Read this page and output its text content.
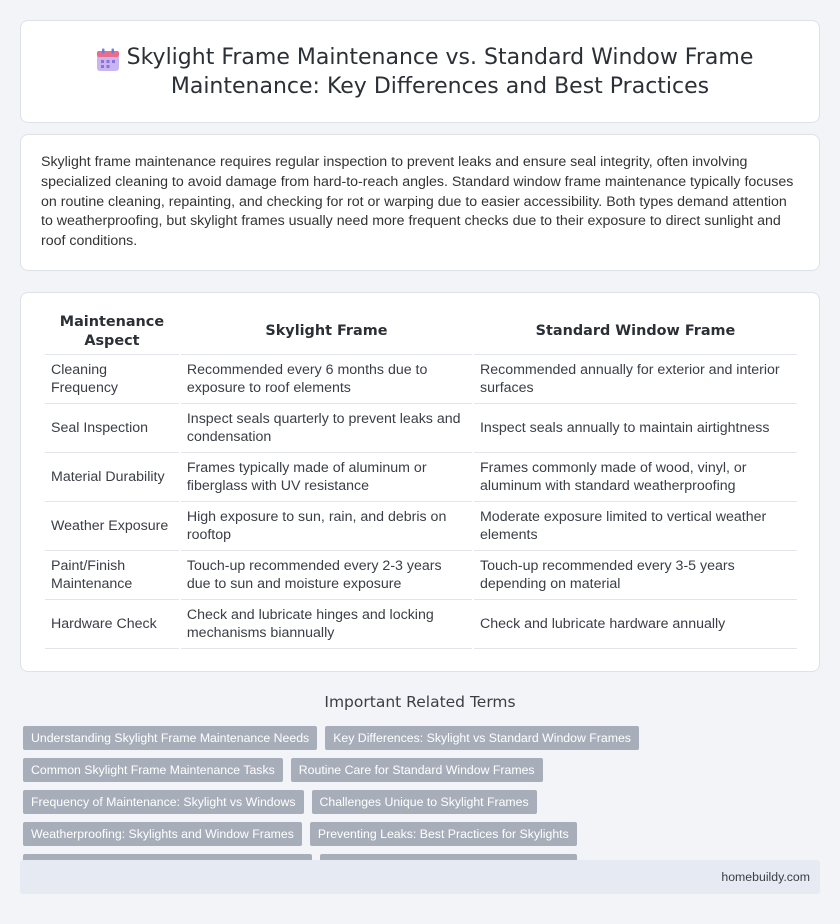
Skylight Frame Maintenance vs. Standard Window Frame Maintenance: Key Differences and Best Practices

Skylight frame maintenance requires regular inspection to prevent leaks and ensure seal integrity, often involving specialized cleaning to avoid damage from hard-to-reach angles. Standard window frame maintenance typically focuses on routine cleaning, repainting, and checking for rot or warping due to easier accessibility. Both types demand attention to weatherproofing, but skylight frames usually need more frequent checks due to their exposure to direct sunlight and roof conditions.

Maintenance Aspect	Skylight Frame	Standard Window Frame
Cleaning Frequency	Recommended every 6 months due to exposure to roof elements	Recommended annually for exterior and interior surfaces
Seal Inspection	Inspect seals quarterly to prevent leaks and condensation	Inspect seals annually to maintain airtightness
Material Durability	Frames typically made of aluminum or fiberglass with UV resistance	Frames commonly made of wood, vinyl, or aluminum with standard weatherproofing
Weather Exposure	High exposure to sun, rain, and debris on rooftop	Moderate exposure limited to vertical weather elements
Paint/Finish Maintenance	Touch-up recommended every 2-3 years due to sun and moisture exposure	Touch-up recommended every 3-5 years depending on material
Hardware Check	Check and lubricate hinges and locking mechanisms biannually	Check and lubricate hardware annually
Important Related Terms
Understanding Skylight Frame Maintenance Needs	Key Differences: Skylight vs Standard Window Frames
Common Skylight Frame Maintenance Tasks	Routine Care for Standard Window Frames
Frequency of Maintenance: Skylight vs Windows	Challenges Unique to Skylight Frames
Weatherproofing: Skylights and Window Frames	Preventing Leaks: Best Practices for Skylights
homebuildy.com
